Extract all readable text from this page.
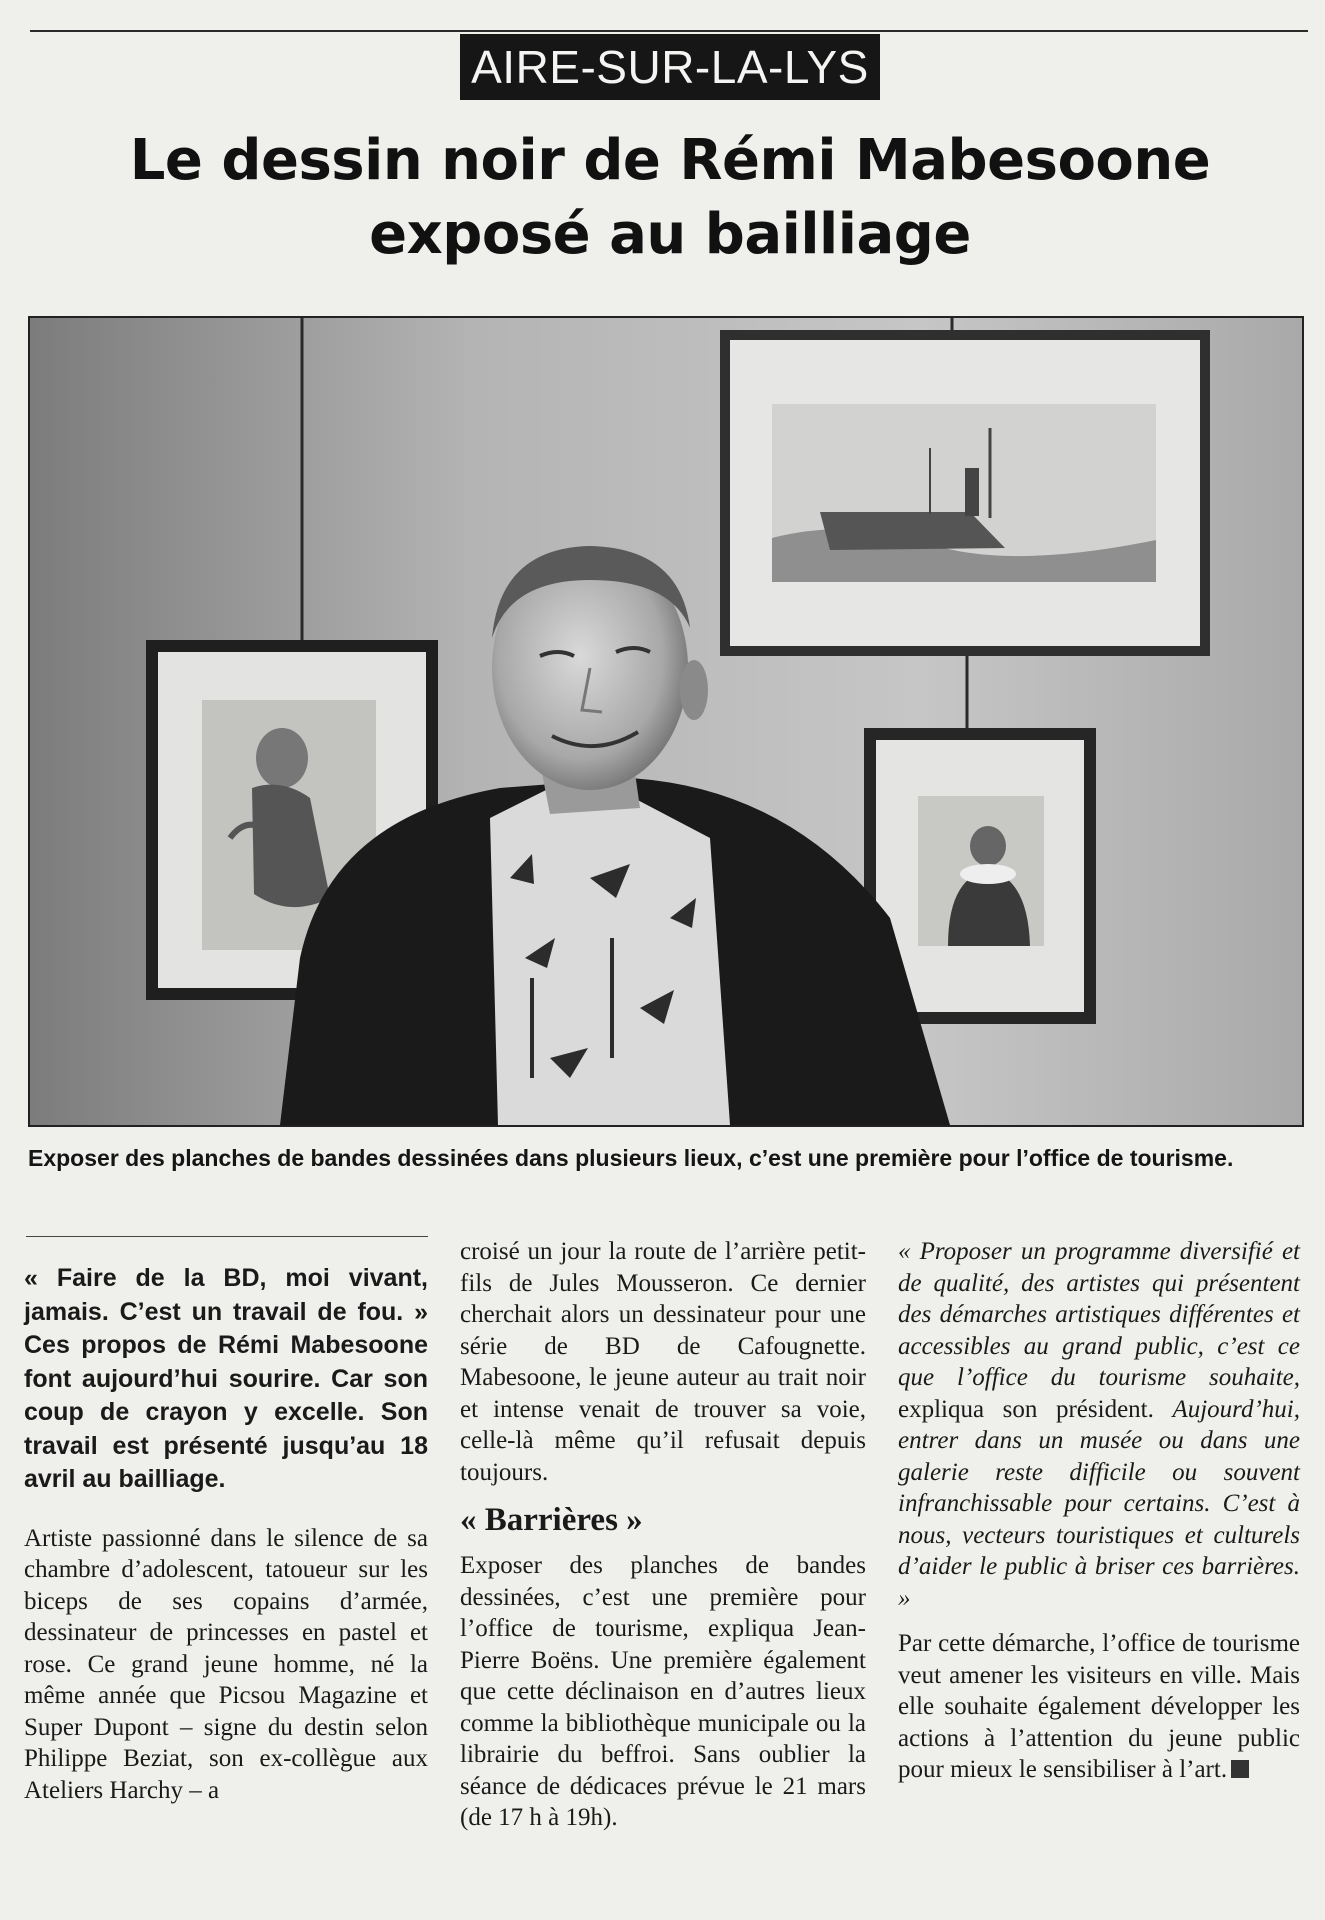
AIRE-SUR-LA-LYS
Le dessin noir de Rémi Mabesoone
exposé au bailliage
Exposer des planches de bandes dessinées dans plusieurs lieux, c’est une première pour l’office de tourisme.

« Faire de la BD, moi vivant, jamais. C’est un travail de fou. » Ces propos de Rémi Mabesoone font aujourd’hui sourire. Car son coup de crayon y excelle. Son travail est présenté jusqu’au 18 avril au bailliage.

Artiste passionné dans le silence de sa chambre d’adolescent, tatoueur sur les biceps de ses copains d’armée, dessinateur de princesses en pastel et rose. Ce grand jeune homme, né la même année que Picsou Magazine et Super Dupont – signe du destin selon Philippe Beziat, son ex-collègue aux Ateliers Harchy – a

croisé un jour la route de l’arrière petit-fils de Jules Mousseron. Ce dernier cherchait alors un dessinateur pour une série de BD de Cafougnette. Mabesoone, le jeune auteur au trait noir et intense venait de trouver sa voie, celle-là même qu’il refusait depuis toujours.

« Barrières »

Exposer des planches de bandes dessinées, c’est une première pour l’office de tourisme, expliqua Jean-Pierre Boëns. Une première également que cette déclinaison en d’autres lieux comme la bibliothèque municipale ou la librairie du beffroi. Sans oublier la séance de dédicaces prévue le 21 mars (de 17 h à 19h).

« Proposer un programme diversifié et de qualité, des artistes qui présentent des démarches artistiques différentes et accessibles au grand public, c’est ce que l’office du tourisme souhaite, expliqua son président. Aujourd’hui, entrer dans un musée ou dans une galerie reste difficile ou souvent infranchissable pour certains. C’est à nous, vecteurs touristiques et culturels d’aider le public à briser ces barrières. »

Par cette démarche, l’office de tourisme veut amener les visiteurs en ville. Mais elle souhaite également développer les actions à l’attention du jeune public pour mieux le sensibiliser à l’art.
